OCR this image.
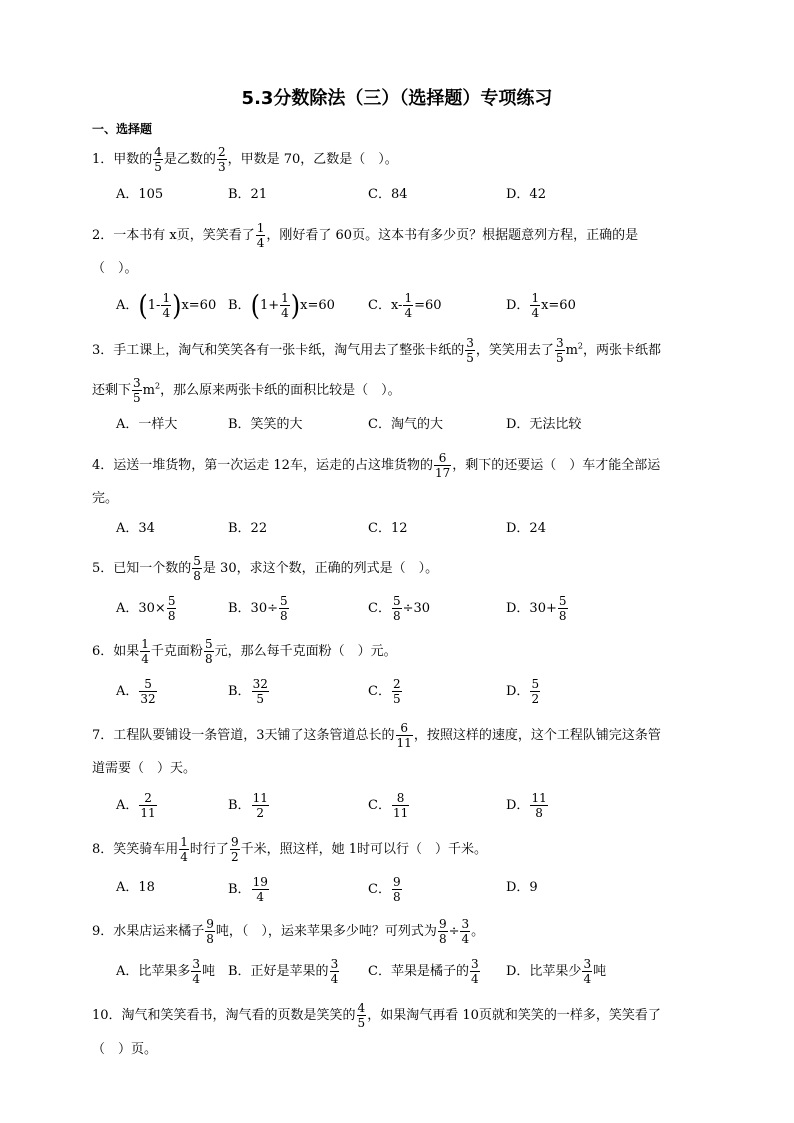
5.3分数除法（三）（选择题）专项练习
一、选择题
1．甲数的 $\frac{4}{5}$ 是乙数的 $\frac{2}{3}$ ，甲数是 70，乙数是（　）。
A．105	B．21	C．84	D．42
2．一本书有 x页，笑笑看了 $\frac{1}{4}$ ，刚好看了 60页。这本书有多少页？根据题意列方程，正确的是
（　）。
A．$(1- \frac{1}{4} )x=60$ B．$(1+ \frac{1}{4} )x=60$	C．$x- \frac{1}{4} =60$	D． $\frac{1}{4} x=60$
3．手工课上，淘气和笑笑各有一张卡纸，淘气用去了整张卡纸的 $\frac{3}{5}$ ，笑笑用去了 $\frac{3}{5} m^2$，两张卡纸都
还剩下 $\frac{3}{5} m^2$，那么原来两张卡纸的面积比较是（　）。
A．一样大	B．笑笑的大	C．淘气的大	D．无法比较
4．运送一堆货物，第一次运走 12车，运走的占这堆货物的 $\frac{6}{17}$ ，剩下的还要运（　）车才能全部运
完。
A．34	B．22	C．12	D．24
5．已知一个数的 $\frac{5}{8}$ 是 30，求这个数，正确的列式是（　）。
A．$30\times \frac{5}{8}$	B．$30\div \frac{5}{8}$	C． $\frac{5}{8} \div 30$	D．$30+ \frac{5}{8}$
6．如果 $\frac{1}{4}$ 千克面粉 $\frac{5}{8}$ 元，那么每千克面粉（　）元。
A． $\frac{5}{32}$	B． $\frac{32}{5}$	C． $\frac{2}{5}$	D． $\frac{5}{2}$
7．工程队要铺设一条管道，3天铺了这条管道总长的 $\frac{6}{11}$ ，按照这样的速度，这个工程队铺完这条管
道需要（　）天。
A． $\frac{2}{11}$	B． $\frac{11}{2}$	C． $\frac{8}{11}$	D． $\frac{11}{8}$
8．笑笑骑车用 $\frac{1}{4}$ 时行了 $\frac{9}{2}$ 千米，照这样，她 1时可以行（　）千米。
A．18	B． $\frac{19}{4}$	C． $\frac{9}{8}$	D．9
9．水果店运来橘子 $\frac{9}{8}$ 吨，（　），运来苹果多少吨？可列式为 $\frac{9}{8} \div \frac{3}{4}$ 。
A．比苹果多 $\frac{3}{4}$ 吨 B．正好是苹果的 $\frac{3}{4}$ C．苹果是橘子的 $\frac{3}{4}$ D．比苹果少 $\frac{3}{4}$ 吨
10．淘气和笑笑看书，淘气看的页数是笑笑的 $\frac{4}{5}$ ，如果淘气再看 10页就和笑笑的一样多，笑笑看了
（　）页。
